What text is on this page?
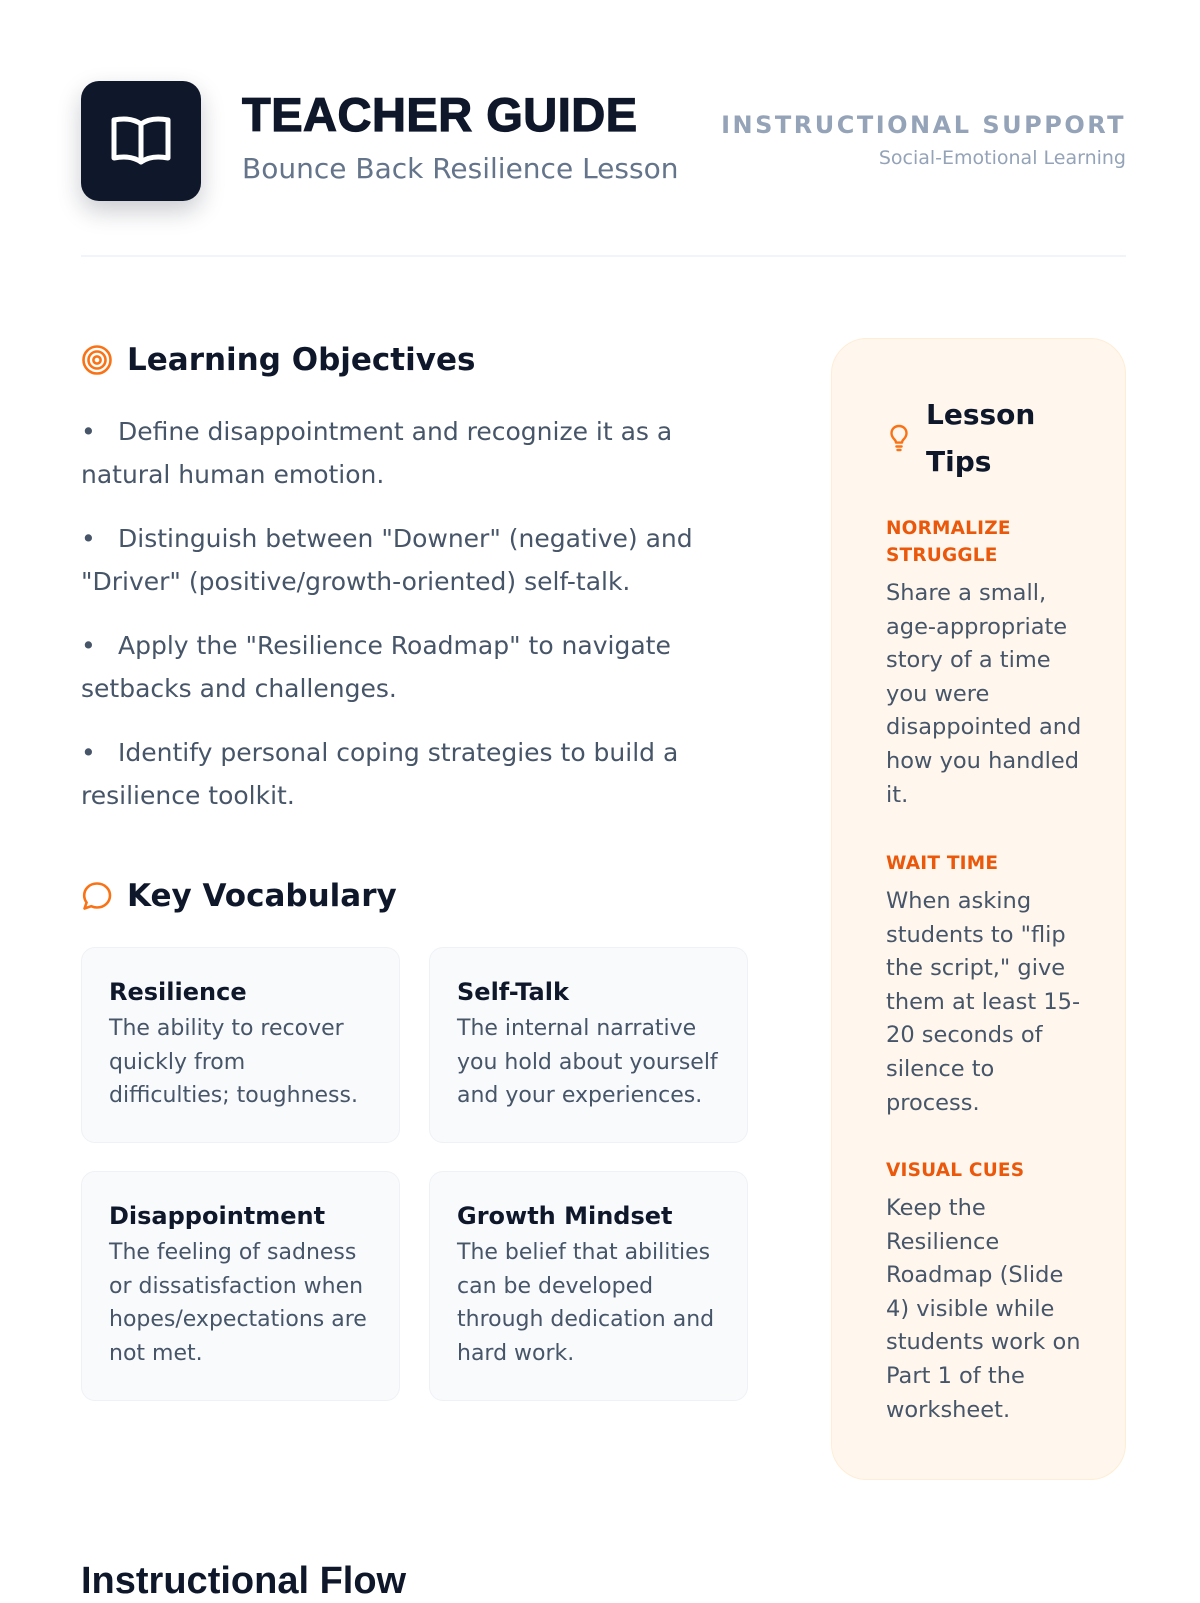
TEACHER GUIDE
Bounce Back Resilience Lesson
INSTRUCTIONAL SUPPORT
Social-Emotional Learning
Learning Objectives
• Define disappointment and recognize it as a natural human emotion.
• Distinguish between "Downer" (negative) and "Driver" (positive/growth-oriented) self-talk.
• Apply the "Resilience Roadmap" to navigate setbacks and challenges.
• Identify personal coping strategies to build a resilience toolkit.
Key Vocabulary
Resilience
The ability to recover quickly from difficulties; toughness.
Self-Talk
The internal narrative you hold about yourself and your experiences.
Disappointment
The feeling of sadness or dissatisfaction when hopes/expectations are not met.
Growth Mindset
The belief that abilities can be developed through dedication and hard work.
Lesson Tips
NORMALIZE STRUGGLE
Share a small, age-appropriate story of a time you were disappointed and how you handled it.
WAIT TIME
When asking students to "flip the script," give them at least 15-20 seconds of silence to process.
VISUAL CUES
Keep the Resilience Roadmap (Slide 4) visible while students work on Part 1 of the worksheet.
Instructional Flow
